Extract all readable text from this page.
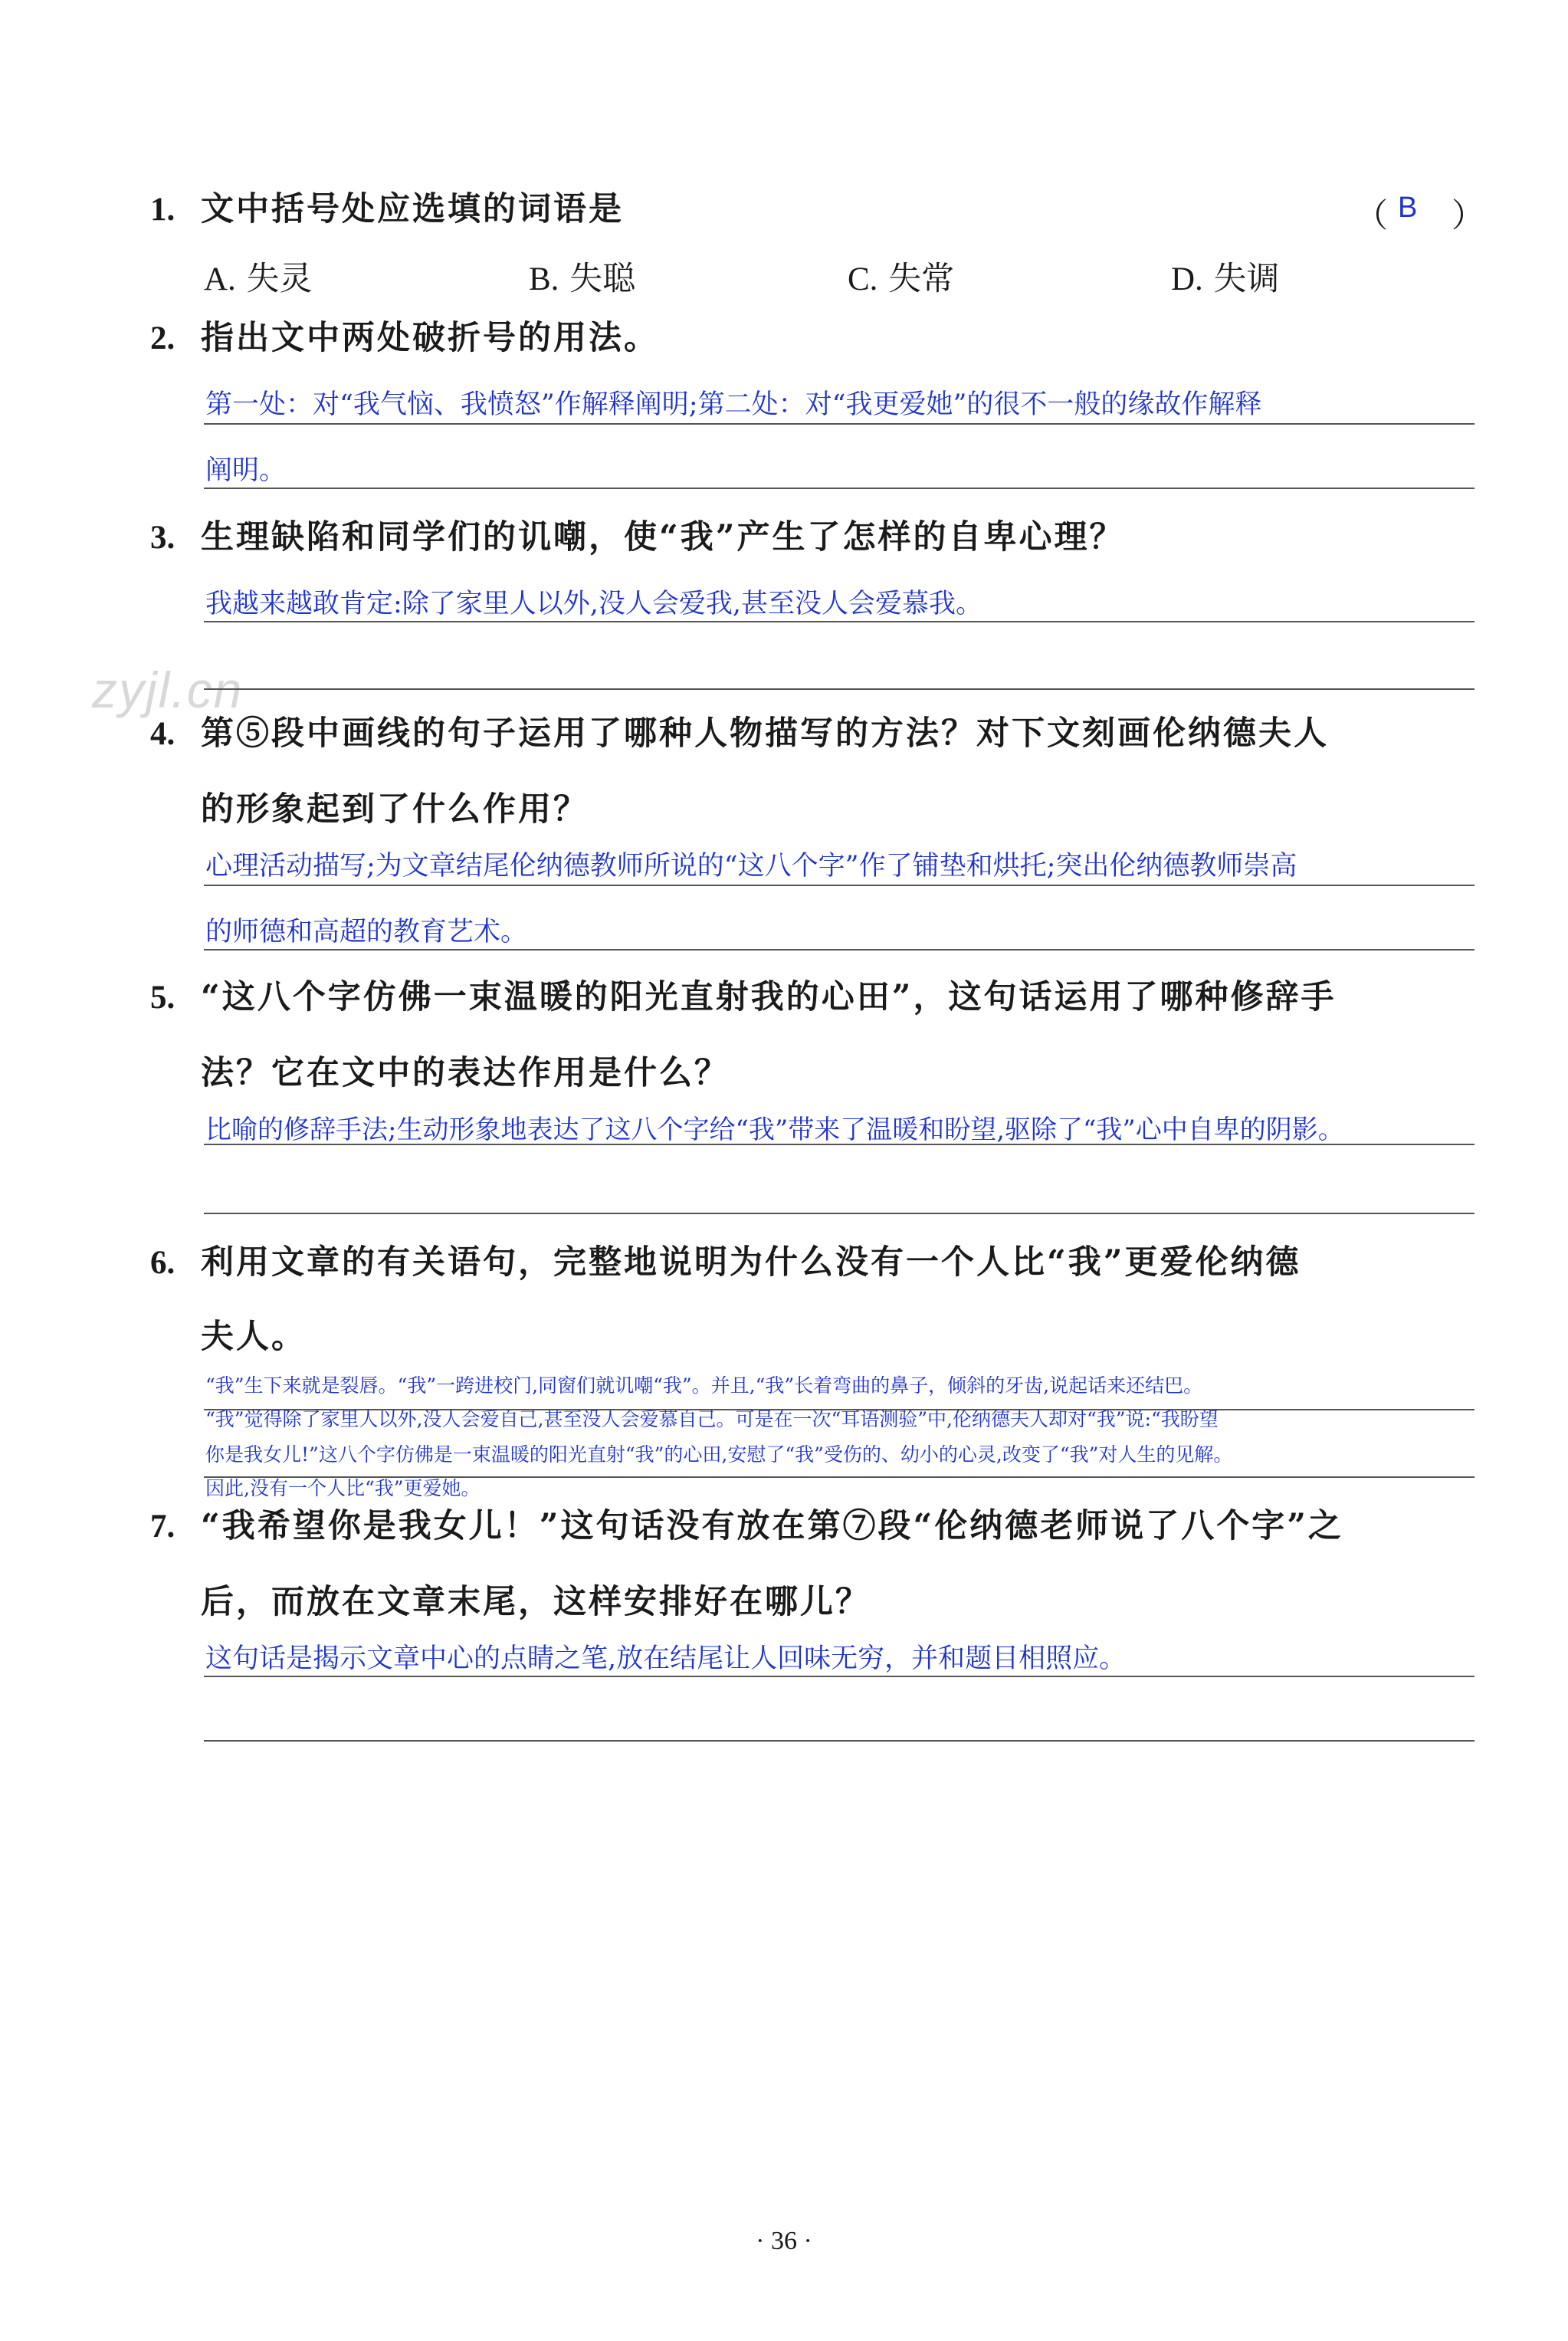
zyjl.cn
1. 文中括号处应选填的词语是	（ B ）
A. 失灵	B. 失聪	C. 失常	D. 失调
2. 指出文中两处破折号的用法。
第一处：对“我气恼、我愤怒”作解释阐明;第二处：对“我更爱她”的很不一般的缘故作解释
阐明。
3. 生理缺陷和同学们的讥嘲，使“我”产生了怎样的自卑心理？
我越来越敢肯定:除了家里人以外,没人会爱我,甚至没人会爱慕我。
4. 第⑤段中画线的句子运用了哪种人物描写的方法？对下文刻画伦纳德夫人
的形象起到了什么作用？
心理活动描写;为文章结尾伦纳德教师所说的“这八个字”作了铺垫和烘托;突出伦纳德教师崇高
的师德和高超的教育艺术。
5. “这八个字仿佛一束温暖的阳光直射我的心田”，这句话运用了哪种修辞手
法？它在文中的表达作用是什么？
比喻的修辞手法;生动形象地表达了这八个字给“我”带来了温暖和盼望,驱除了“我”心中自卑的阴影。
6. 利用文章的有关语句，完整地说明为什么没有一个人比“我”更爱伦纳德
夫人。
“我”生下来就是裂唇。“我”一跨进校门,同窗们就讥嘲“我”。并且,“我”长着弯曲的鼻子，倾斜的牙齿,说起话来还结巴。
“我”觉得除了家里人以外,没人会爱自己,甚至没人会爱慕自己。可是在一次“耳语测验”中,伦纳德夫人却对“我”说:“我盼望
你是我女儿!”这八个字仿佛是一束温暖的阳光直射“我”的心田,安慰了“我”受伤的、幼小的心灵,改变了“我”对人生的见解。
因此,没有一个人比“我”更爱她。
7. “我希望你是我女儿！”这句话没有放在第⑦段“伦纳德老师说了八个字”之
后，而放在文章末尾，这样安排好在哪儿？
这句话是揭示文章中心的点睛之笔,放在结尾让人回味无穷，并和题目相照应。
· 36 ·
